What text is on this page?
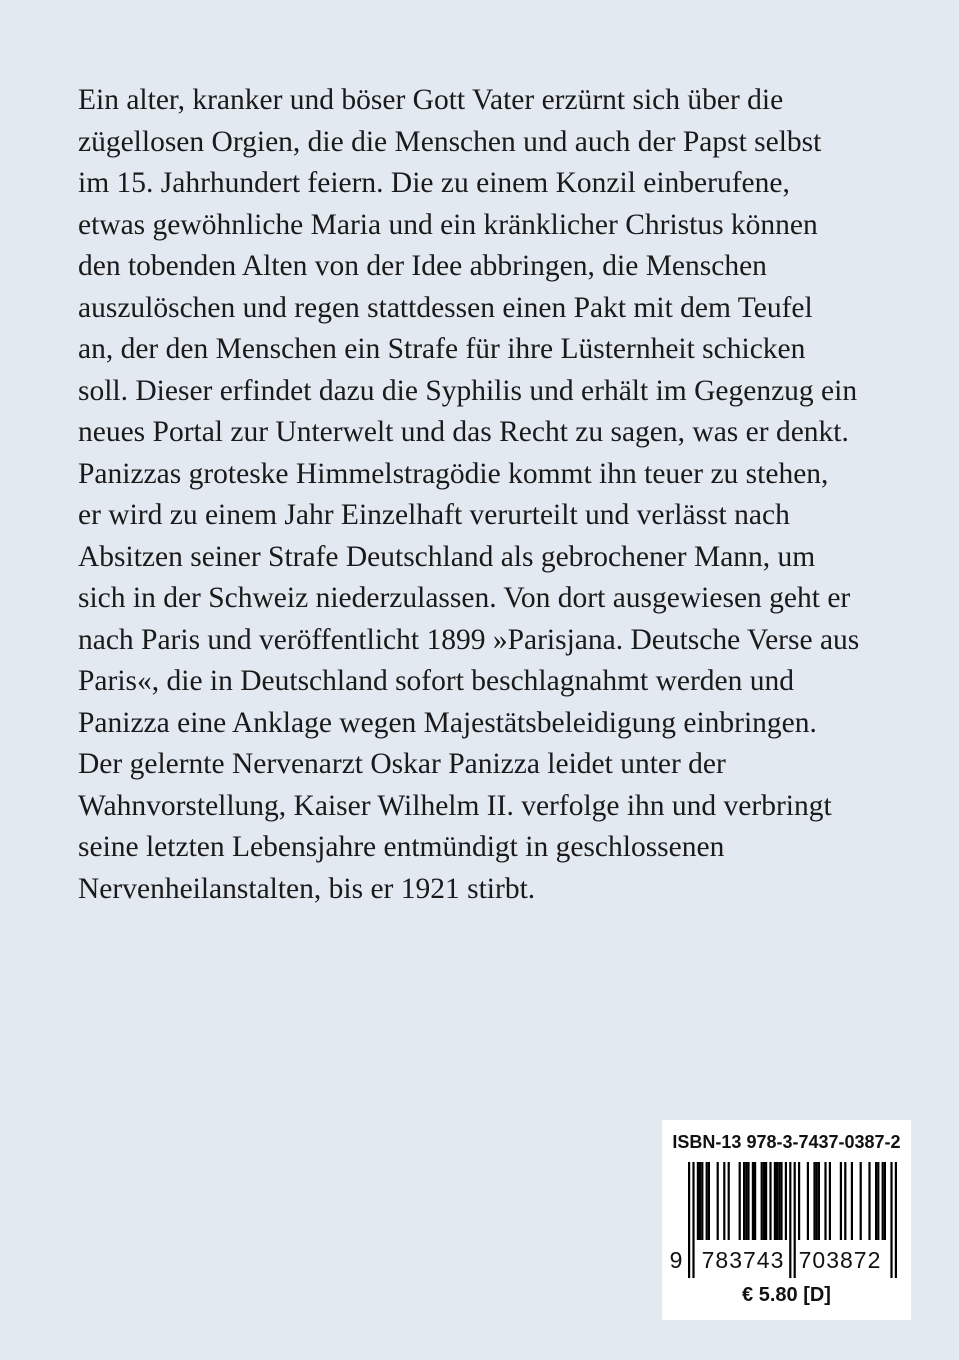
Ein alter, kranker und böser Gott Vater erzürnt sich über die
zügellosen Orgien, die die Menschen und auch der Papst selbst
im 15. Jahrhundert feiern. Die zu einem Konzil einberufene,
etwas gewöhnliche Maria und ein kränklicher Christus können
den tobenden Alten von der Idee abbringen, die Menschen
auszulöschen und regen stattdessen einen Pakt mit dem Teufel
an, der den Menschen ein Strafe für ihre Lüsternheit schicken
soll. Dieser erfindet dazu die Syphilis und erhält im Gegenzug ein
neues Portal zur Unterwelt und das Recht zu sagen, was er denkt.
Panizzas groteske Himmelstragödie kommt ihn teuer zu stehen,
er wird zu einem Jahr Einzelhaft verurteilt und verlässt nach
Absitzen seiner Strafe Deutschland als gebrochener Mann, um
sich in der Schweiz niederzulassen. Von dort ausgewiesen geht er
nach Paris und veröffentlicht 1899 »Parisjana. Deutsche Verse aus
Paris«, die in Deutschland sofort beschlagnahmt werden und
Panizza eine Anklage wegen Majestätsbeleidigung einbringen.
Der gelernte Nervenarzt Oskar Panizza leidet unter der
Wahnvorstellung, Kaiser Wilhelm II. verfolge ihn und verbringt
seine letzten Lebensjahre entmündigt in geschlossenen
Nervenheilanstalten, bis er 1921 stirbt.
ISBN-13 978-3-7437-0387-2
9 783743 703872
€ 5.80 [D]
